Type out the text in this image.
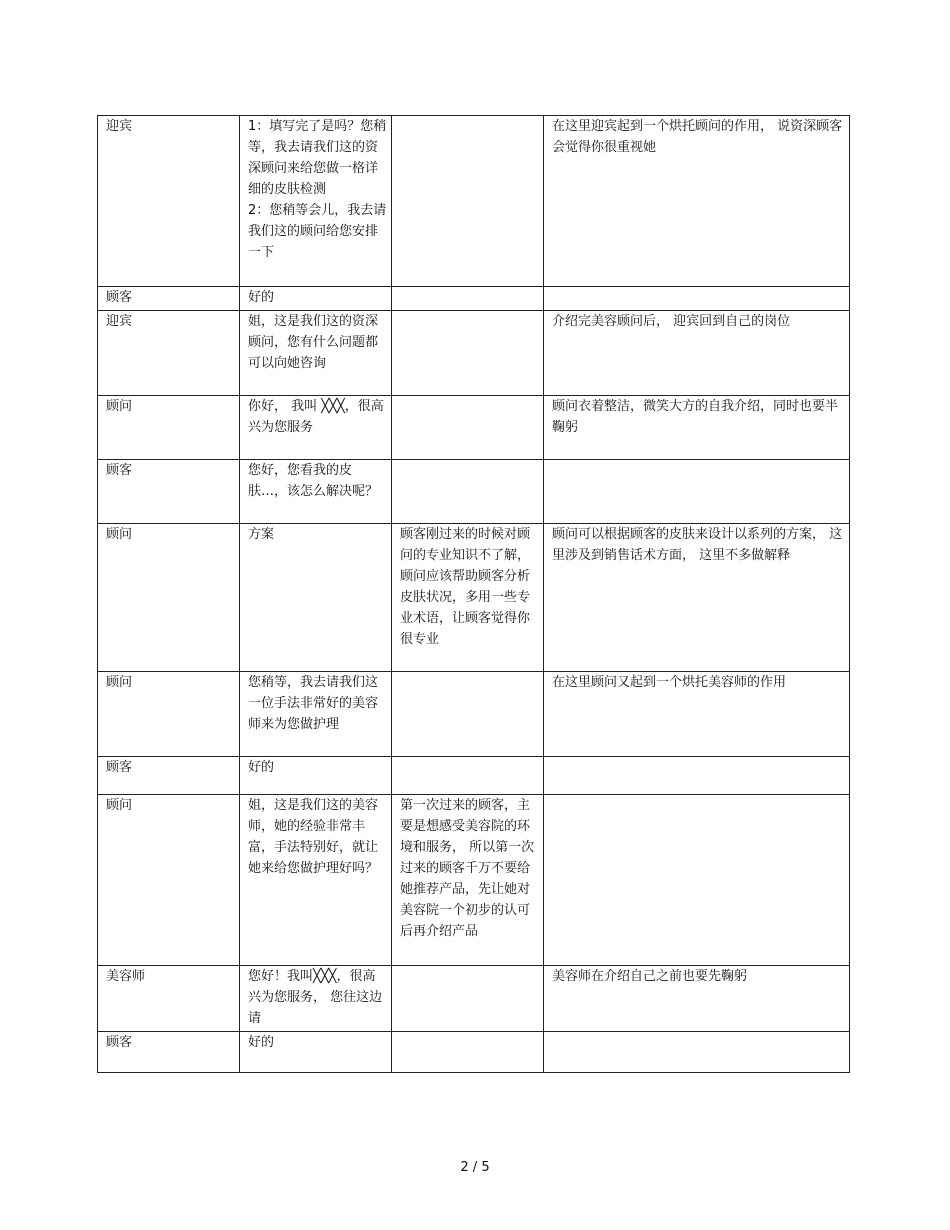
迎宾	1：填写完了是吗？您稍等，我去请我们这的资深顾问来给您做一格详细的皮肤检测
2：您稍等会儿，我去请我们这的顾问给您安排一下		在这里迎宾起到一个烘托顾问的作用， 说资深顾客会觉得你很重视她
顾客	好的		
迎宾	姐，这是我们这的资深顾问，您有什么问题都可以向她咨询		介绍完美容顾问后， 迎宾回到自己的岗位
顾问	你好， 我叫 ╳╳╳，很高兴为您服务		顾问衣着整洁，微笑大方的自我介绍，同时也要半鞠躬
顾客	您好，您看我的皮肤…，该怎么解决呢？		
顾问	方案	顾客刚过来的时候对顾问的专业知识不了解，顾问应该帮助顾客分析皮肤状况，多用一些专业术语，让顾客觉得你很专业	顾问可以根据顾客的皮肤来设计以系列的方案， 这里涉及到销售话术方面， 这里不多做解释
顾问	您稍等，我去请我们这一位手法非常好的美容师来为您做护理		在这里顾问又起到一个烘托美容师的作用
顾客	好的		
顾问	姐，这是我们这的美容师，她的经验非常丰富，手法特别好，就让她来给您做护理好吗？	第一次过来的顾客，主要是想感受美容院的环境和服务， 所以第一次过来的顾客千万不要给她推荐产品，先让她对美容院一个初步的认可后再介绍产品	
美容师	您好！我叫╳╳╳，很高兴为您服务， 您往这边请		美容师在介绍自己之前也要先鞠躬
顾客	好的		
2 / 5
